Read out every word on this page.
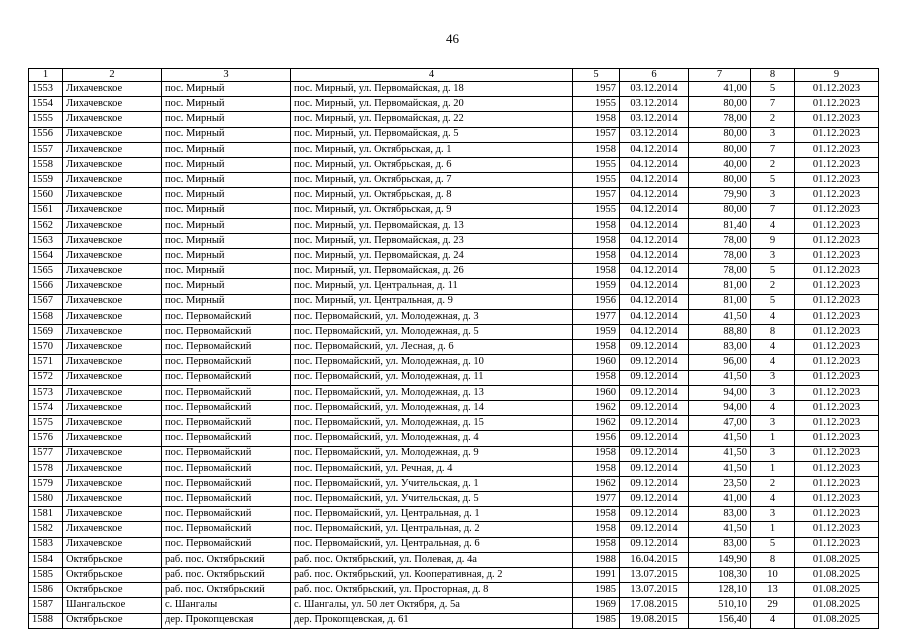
46
1	2	3	4	5	6	7	8	9
1553	Лихачевское	пос. Мирный	пос. Мирный, ул. Первомайская, д. 18	1957	03.12.2014	41,00	5	01.12.2023
1554	Лихачевское	пос. Мирный	пос. Мирный, ул. Первомайская, д. 20	1955	03.12.2014	80,00	7	01.12.2023
1555	Лихачевское	пос. Мирный	пос. Мирный, ул. Первомайская, д. 22	1958	03.12.2014	78,00	2	01.12.2023
1556	Лихачевское	пос. Мирный	пос. Мирный, ул. Первомайская, д. 5	1957	03.12.2014	80,00	3	01.12.2023
1557	Лихачевское	пос. Мирный	пос. Мирный, ул. Октябрьская, д. 1	1958	04.12.2014	80,00	7	01.12.2023
1558	Лихачевское	пос. Мирный	пос. Мирный, ул. Октябрьская, д. 6	1955	04.12.2014	40,00	2	01.12.2023
1559	Лихачевское	пос. Мирный	пос. Мирный, ул. Октябрьская, д. 7	1955	04.12.2014	80,00	5	01.12.2023
1560	Лихачевское	пос. Мирный	пос. Мирный, ул. Октябрьская, д. 8	1957	04.12.2014	79,90	3	01.12.2023
1561	Лихачевское	пос. Мирный	пос. Мирный, ул. Октябрьская, д. 9	1955	04.12.2014	80,00	7	01.12.2023
1562	Лихачевское	пос. Мирный	пос. Мирный, ул. Первомайская, д. 13	1958	04.12.2014	81,40	4	01.12.2023
1563	Лихачевское	пос. Мирный	пос. Мирный, ул. Первомайская, д. 23	1958	04.12.2014	78,00	9	01.12.2023
1564	Лихачевское	пос. Мирный	пос. Мирный, ул. Первомайская, д. 24	1958	04.12.2014	78,00	3	01.12.2023
1565	Лихачевское	пос. Мирный	пос. Мирный, ул. Первомайская, д. 26	1958	04.12.2014	78,00	5	01.12.2023
1566	Лихачевское	пос. Мирный	пос. Мирный, ул. Центральная, д. 11	1959	04.12.2014	81,00	2	01.12.2023
1567	Лихачевское	пос. Мирный	пос. Мирный, ул. Центральная, д. 9	1956	04.12.2014	81,00	5	01.12.2023
1568	Лихачевское	пос. Первомайский	пос. Первомайский, ул. Молодежная, д. 3	1977	04.12.2014	41,50	4	01.12.2023
1569	Лихачевское	пос. Первомайский	пос. Первомайский, ул. Молодежная, д. 5	1959	04.12.2014	88,80	8	01.12.2023
1570	Лихачевское	пос. Первомайский	пос. Первомайский, ул. Лесная, д. 6	1958	09.12.2014	83,00	4	01.12.2023
1571	Лихачевское	пос. Первомайский	пос. Первомайский, ул. Молодежная, д. 10	1960	09.12.2014	96,00	4	01.12.2023
1572	Лихачевское	пос. Первомайский	пос. Первомайский, ул. Молодежная, д. 11	1958	09.12.2014	41,50	3	01.12.2023
1573	Лихачевское	пос. Первомайский	пос. Первомайский, ул. Молодежная, д. 13	1960	09.12.2014	94,00	3	01.12.2023
1574	Лихачевское	пос. Первомайский	пос. Первомайский, ул. Молодежная, д. 14	1962	09.12.2014	94,00	4	01.12.2023
1575	Лихачевское	пос. Первомайский	пос. Первомайский, ул. Молодежная, д. 15	1962	09.12.2014	47,00	3	01.12.2023
1576	Лихачевское	пос. Первомайский	пос. Первомайский, ул. Молодежная, д. 4	1956	09.12.2014	41,50	1	01.12.2023
1577	Лихачевское	пос. Первомайский	пос. Первомайский, ул. Молодежная, д. 9	1958	09.12.2014	41,50	3	01.12.2023
1578	Лихачевское	пос. Первомайский	пос. Первомайский, ул. Речная, д. 4	1958	09.12.2014	41,50	1	01.12.2023
1579	Лихачевское	пос. Первомайский	пос. Первомайский, ул. Учительская, д. 1	1962	09.12.2014	23,50	2	01.12.2023
1580	Лихачевское	пос. Первомайский	пос. Первомайский, ул. Учительская, д. 5	1977	09.12.2014	41,00	4	01.12.2023
1581	Лихачевское	пос. Первомайский	пос. Первомайский, ул. Центральная, д. 1	1958	09.12.2014	83,00	3	01.12.2023
1582	Лихачевское	пос. Первомайский	пос. Первомайский, ул. Центральная, д. 2	1958	09.12.2014	41,50	1	01.12.2023
1583	Лихачевское	пос. Первомайский	пос. Первомайский, ул. Центральная, д. 6	1958	09.12.2014	83,00	5	01.12.2023
1584	Октябрьское	раб. пос. Октябрьский	раб. пос. Октябрьский, ул. Полевая, д. 4а	1988	16.04.2015	149,90	8	01.08.2025
1585	Октябрьское	раб. пос. Октябрьский	раб. пос. Октябрьский, ул. Кооперативная, д. 2	1991	13.07.2015	108,30	10	01.08.2025
1586	Октябрьское	раб. пос. Октябрьский	раб. пос. Октябрьский, ул. Просторная, д. 8	1985	13.07.2015	128,10	13	01.08.2025
1587	Шангальское	с. Шангалы	с. Шангалы, ул. 50 лет Октября, д. 5а	1969	17.08.2015	510,10	29	01.08.2025
1588	Октябрьское	дер. Прокопцевская	дер. Прокопцевская, д. 61	1985	19.08.2015	156,40	4	01.08.2025
